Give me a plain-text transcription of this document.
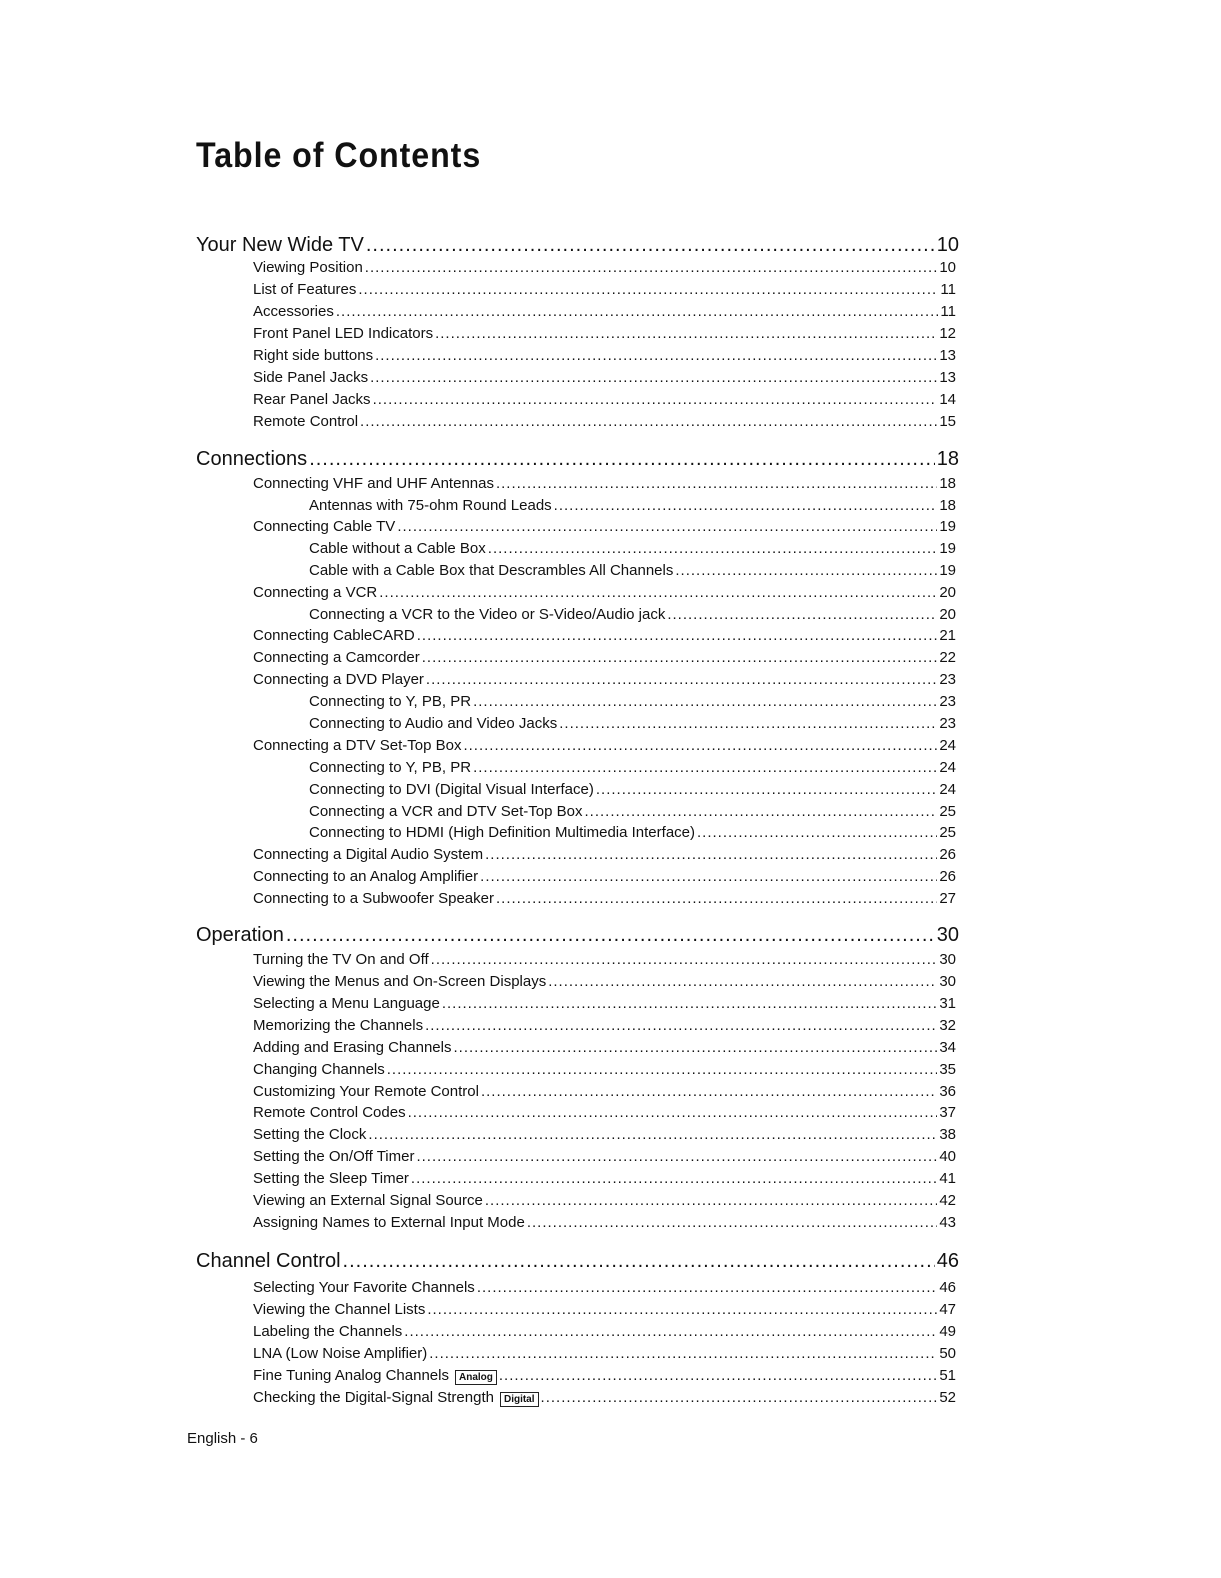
Table of Contents
Your New Wide TV .....	10
Viewing Position .....	10
List of Features .....	11
Accessories .....	11
Front Panel LED Indicators .....	12
Right side buttons .....	13
Side Panel Jacks .....	13
Rear Panel Jacks .....	14
Remote Control .....	15
Connections .....	18
Connecting VHF and UHF Antennas .....	18
Antennas with 75-ohm Round Leads .....	18
Connecting Cable TV .....	19
Cable without a Cable Box .....	19
Cable with a Cable Box that Descrambles All Channels .....	19
Connecting a VCR .....	20
Connecting a VCR to the Video or S-Video/Audio jack .....	20
Connecting CableCARD .....	21
Connecting a Camcorder .....	22
Connecting a DVD Player .....	23
Connecting to Y, PB, PR .....	23
Connecting to Audio and Video Jacks .....	23
Connecting a DTV Set-Top Box .....	24
Connecting to Y, PB, PR .....	24
Connecting to DVI (Digital Visual Interface) .....	24
Connecting a VCR and DTV Set-Top Box .....	25
Connecting to HDMI (High Definition Multimedia Interface) .....	25
Connecting a Digital Audio System .....	26
Connecting to an Analog Amplifier .....	26
Connecting to a Subwoofer Speaker .....	27
Operation .....	30
Turning the TV On and Off .....	30
Viewing the Menus and On-Screen Displays .....	30
Selecting a Menu Language .....	31
Memorizing the Channels .....	32
Adding and Erasing Channels .....	34
Changing Channels .....	35
Customizing Your Remote Control .....	36
Remote Control Codes .....	37
Setting the Clock .....	38
Setting the On/Off Timer .....	40
Setting the Sleep Timer .....	41
Viewing an External Signal Source .....	42
Assigning Names to External Input Mode .....	43
Channel Control .....	46
Selecting Your Favorite Channels .....	46
Viewing the Channel Lists .....	47
Labeling the Channels .....	49
LNA (Low Noise Amplifier) .....	50
Fine Tuning Analog Channels	Analog .....	51
Checking the Digital-Signal Strength	Digital .....	52
English - 6
